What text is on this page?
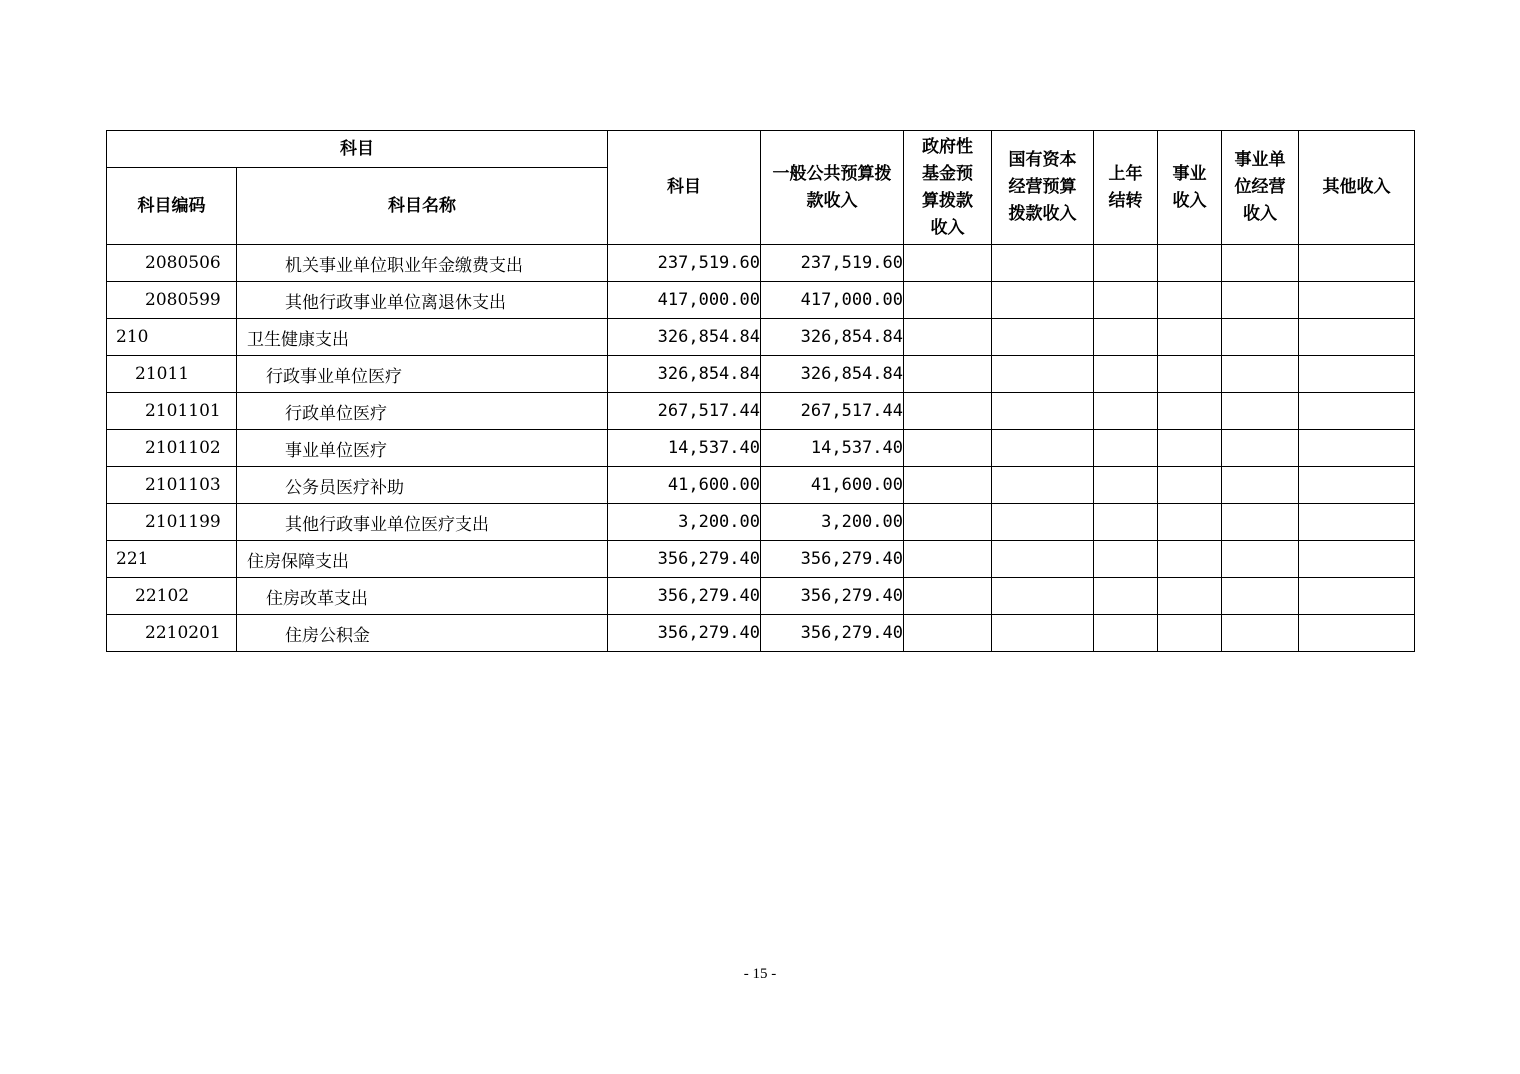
科目		科目	一般公共预算拨款收入	政府性基金预算拨款收入	国有资本经营预算拨款收入	上年结转	事业收入	事业单位经营收入	其他收入
科目编码	科目名称								
2080506	机关事业单位职业年金缴费支出	237,519.60	237,519.60						
2080599	其他行政事业单位离退休支出	417,000.00	417,000.00						
210	卫生健康支出	326,854.84	326,854.84						
21011	行政事业单位医疗	326,854.84	326,854.84						
2101101	行政单位医疗	267,517.44	267,517.44						
2101102	事业单位医疗	14,537.40	14,537.40						
2101103	公务员医疗补助	41,600.00	41,600.00						
2101199	其他行政事业单位医疗支出	3,200.00	3,200.00						
221	住房保障支出	356,279.40	356,279.40						
22102	住房改革支出	356,279.40	356,279.40						
2210201	住房公积金	356,279.40	356,279.40						
- 15 -
